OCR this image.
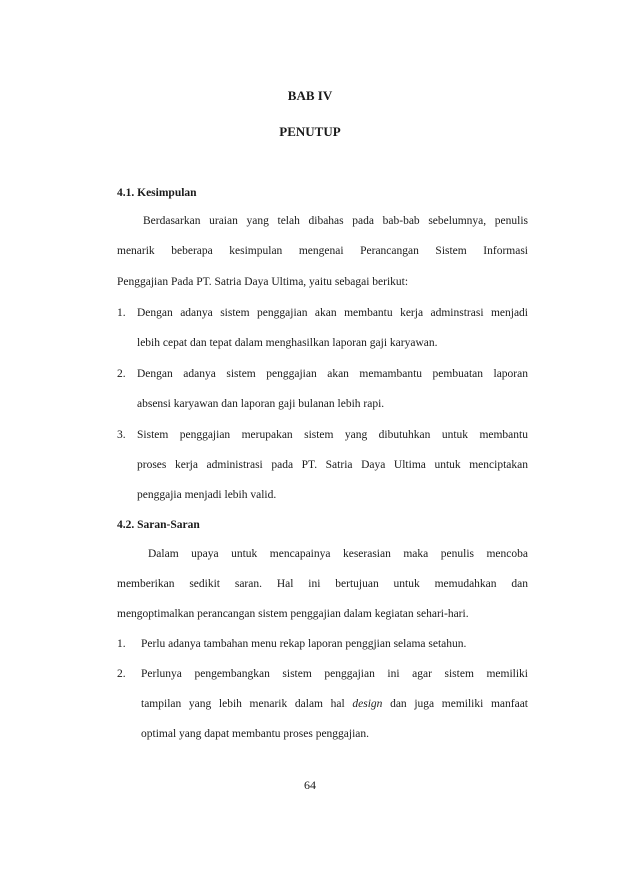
BAB IV
PENUTUP
4.1. Kesimpulan
Berdasarkan uraian yang telah dibahas pada bab-bab sebelumnya, penulis
menarik beberapa kesimpulan mengenai Perancangan Sistem Informasi
Penggajian Pada PT. Satria Daya Ultima, yaitu sebagai berikut:
1. Dengan adanya sistem penggajian akan membantu kerja adminstrasi menjadi
lebih cepat dan tepat dalam menghasilkan laporan gaji karyawan.
2. Dengan adanya sistem penggajian akan memambantu pembuatan laporan
absensi karyawan dan laporan gaji bulanan lebih rapi.
3. Sistem penggajian merupakan sistem yang dibutuhkan untuk membantu
proses kerja administrasi pada PT. Satria Daya Ultima untuk menciptakan
penggajia menjadi lebih valid.
4.2. Saran-Saran
Dalam upaya untuk mencapainya keserasian maka penulis mencoba
memberikan sedikit saran. Hal ini bertujuan untuk memudahkan dan
mengoptimalkan perancangan sistem penggajian dalam kegiatan sehari-hari.
1. Perlu adanya tambahan menu rekap laporan penggjian selama setahun.
2. Perlunya pengembangkan sistem penggajian ini agar sistem memiliki
tampilan yang lebih menarik dalam hal design dan juga memiliki manfaat
optimal yang dapat membantu proses penggajian.
64
